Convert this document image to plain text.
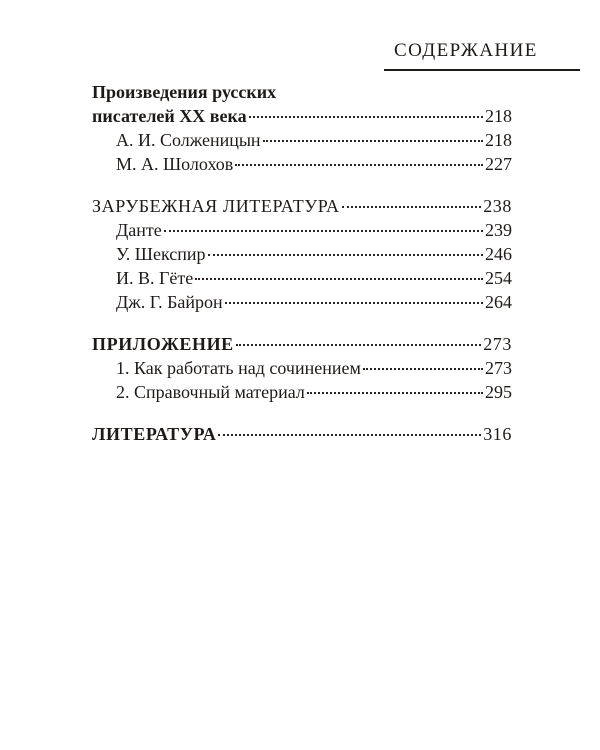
СОДЕРЖАНИЕ
Произведения русских
писателей XX века	218
А. И. Солженицын	218
М. А. Шолохов	227
ЗАРУБЕЖНАЯ ЛИТЕРАТУРА	238
Данте	239
У. Шекспир	246
И. В. Гёте	254
Дж. Г. Байрон	264
ПРИЛОЖЕНИЕ	273
1. Как работать над сочинением	273
2. Справочный материал	295
ЛИТЕРАТУРА	316
